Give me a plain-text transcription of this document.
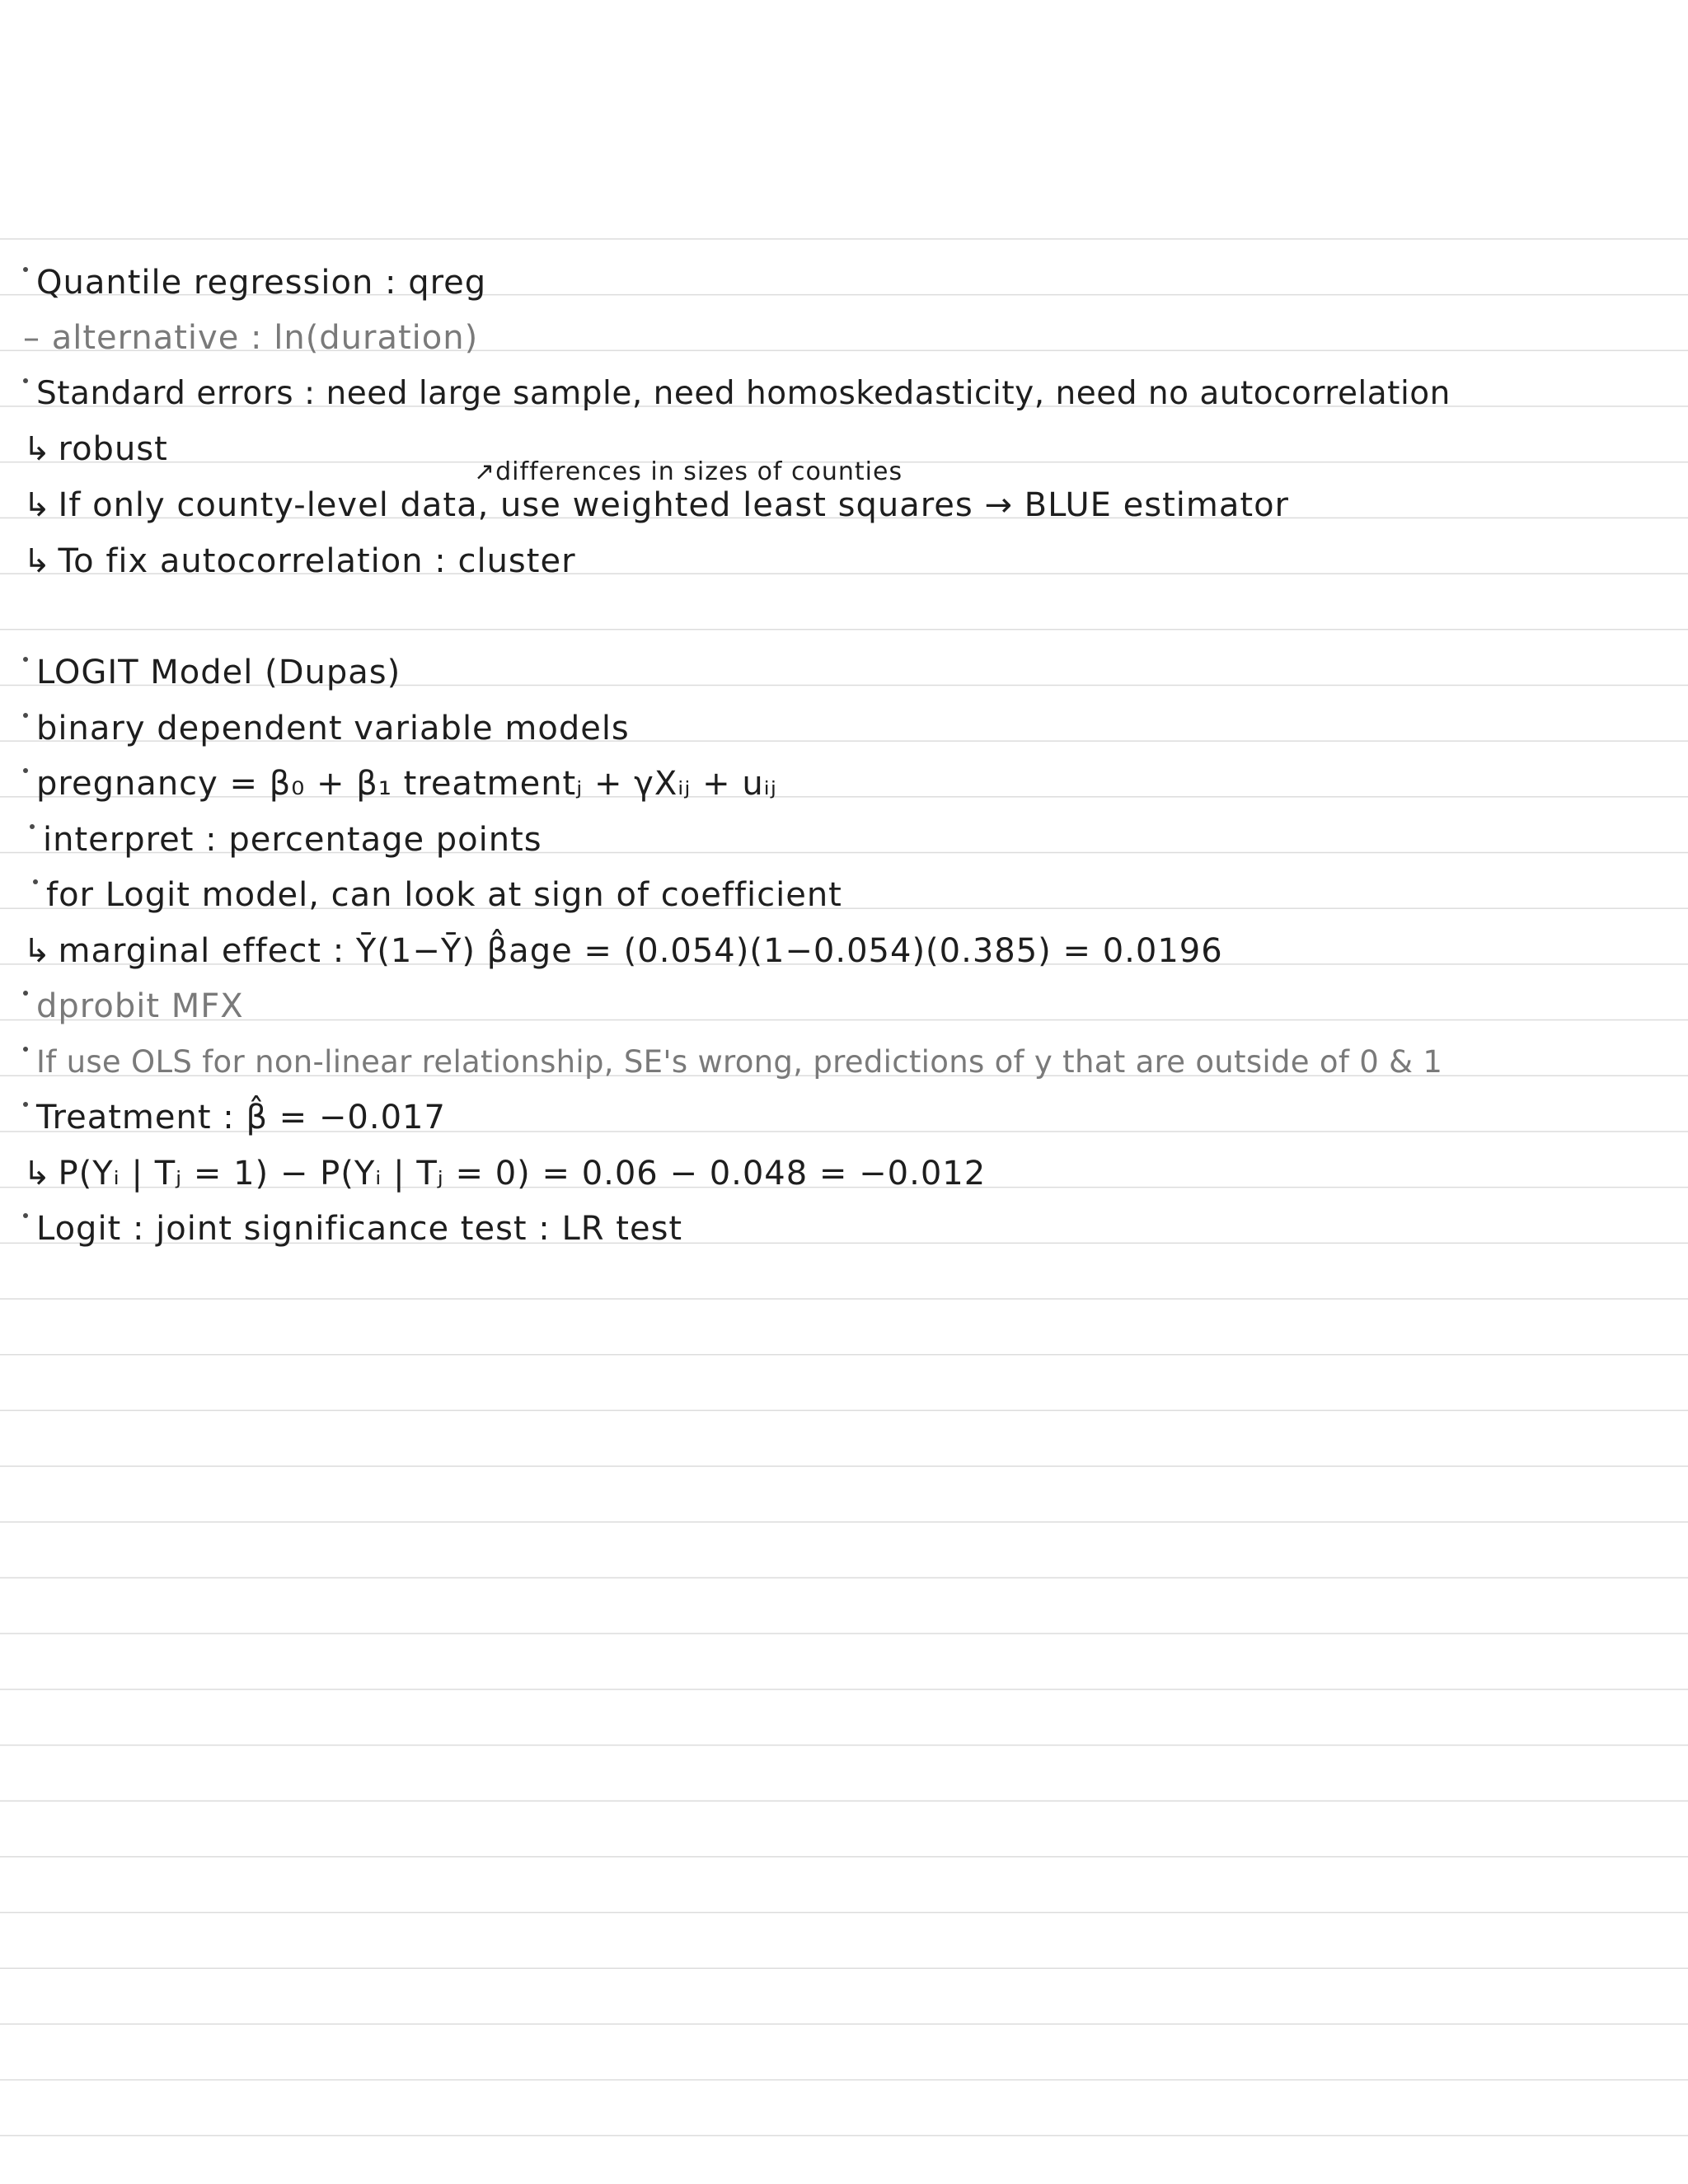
Quantile regression : qreg
– alternative : ln(duration)
Standard errors : need large sample, need homoskedasticity, need no autocorrelation
↳ robust
↗differences in sizes of counties
↳ If only county-level data, use weighted least squares → BLUE estimator
↳ To fix autocorrelation : cluster
LOGIT Model (Dupas)
binary dependent variable models
pregnancy = β₀ + β₁ treatmentⱼ + γXᵢⱼ + uᵢⱼ
interpret : percentage points
for Logit model, can look at sign of coefficient
↳ marginal effect : Ȳ(1−Ȳ) β̂age = (0.054)(1−0.054)(0.385) = 0.0196
dprobit MFX
If use OLS for non-linear relationship, SE's wrong, predictions of y that are outside of 0 & 1
Treatment : β̂ = −0.017
↳ P(Yᵢ | Tⱼ = 1) − P(Yᵢ | Tⱼ = 0) = 0.06 − 0.048 = −0.012
Logit : joint significance test : LR test
